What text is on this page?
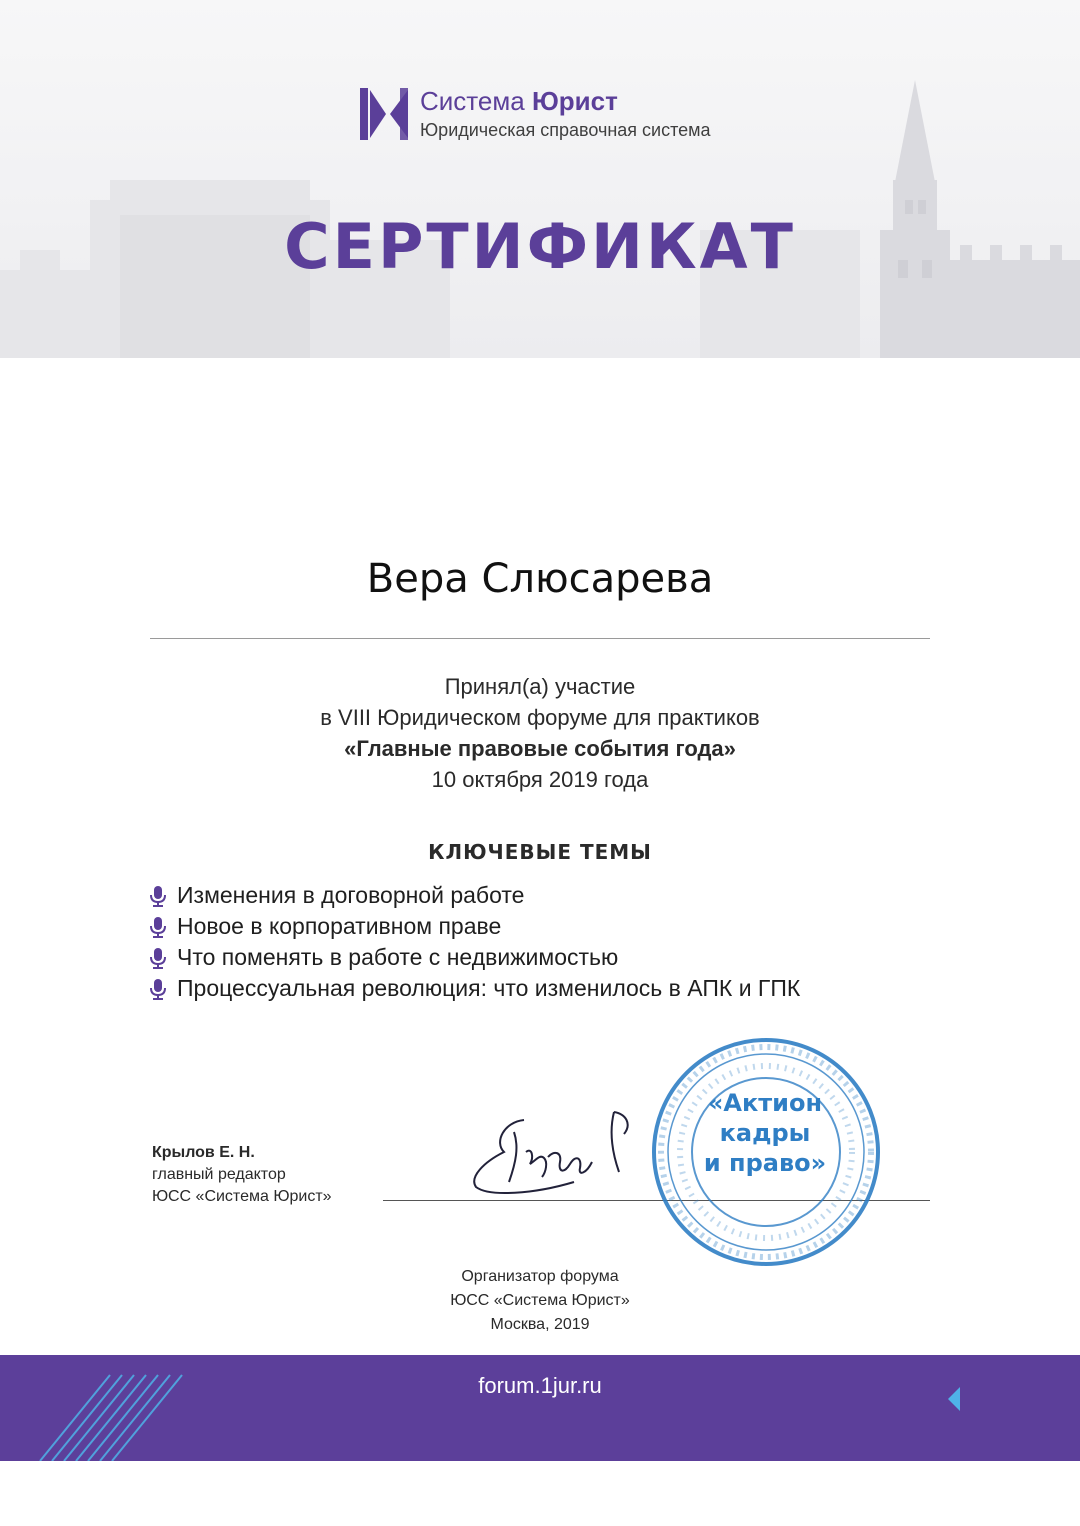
Система Юрист
Юридическая справочная система
СЕРТИФИКАТ
Вера Слюсарева
Принял(а) участие
в VIII Юридическом форуме для практиков
«Главные правовые события года»
10 октября 2019 года
КЛЮЧЕВЫЕ ТЕМЫ
Изменения в договорной работе
Новое в корпоративном праве
Что поменять в работе с недвижимостью
Процессуальная революция: что изменилось в АПК и ГПК
Крылов Е. Н.
главный редактор
ЮСС «Система Юрист»
«Актион
кадры
и право»
Организатор форума
ЮСС «Система Юрист»
Москва, 2019
forum.1jur.ru
